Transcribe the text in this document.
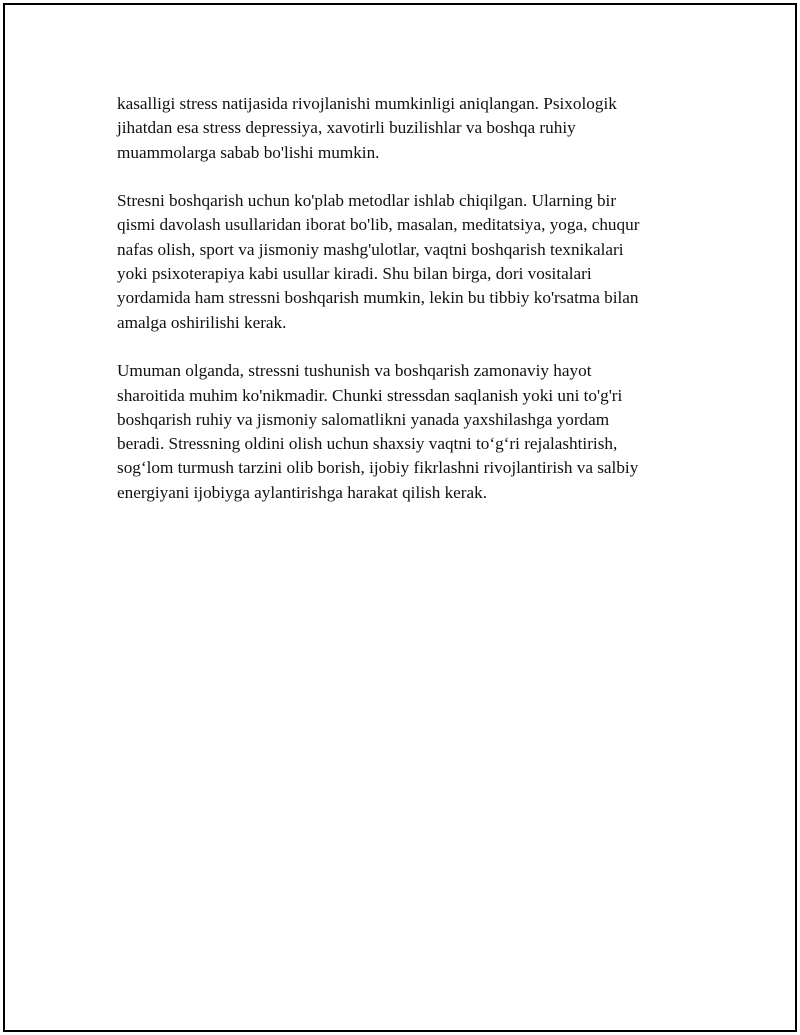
kasalligi stress natijasida rivojlanishi mumkinligi aniqlangan. Psixologik
jihatdan esa stress depressiya, xavotirli buzilishlar va boshqa ruhiy
muammolarga sabab bo'lishi mumkin.

Stresni boshqarish uchun ko'plab metodlar ishlab chiqilgan. Ularning bir
qismi davolash usullaridan iborat bo'lib, masalan, meditatsiya, yoga, chuqur
nafas olish, sport va jismoniy mashg'ulotlar, vaqtni boshqarish texnikalari
yoki psixoterapiya kabi usullar kiradi. Shu bilan birga, dori vositalari
yordamida ham stressni boshqarish mumkin, lekin bu tibbiy ko'rsatma bilan
amalga oshirilishi kerak.

Umuman olganda, stressni tushunish va boshqarish zamonaviy hayot
sharoitida muhim ko'nikmadir. Chunki stressdan saqlanish yoki uni to'g'ri
boshqarish ruhiy va jismoniy salomatlikni yanada yaxshilashga yordam
beradi. Stressning oldini olish uchun shaxsiy vaqtni to‘g‘ri rejalashtirish,
sog‘lom turmush tarzini olib borish, ijobiy fikrlashni rivojlantirish va salbiy
energiyani ijobiyga aylantirishga harakat qilish kerak.
